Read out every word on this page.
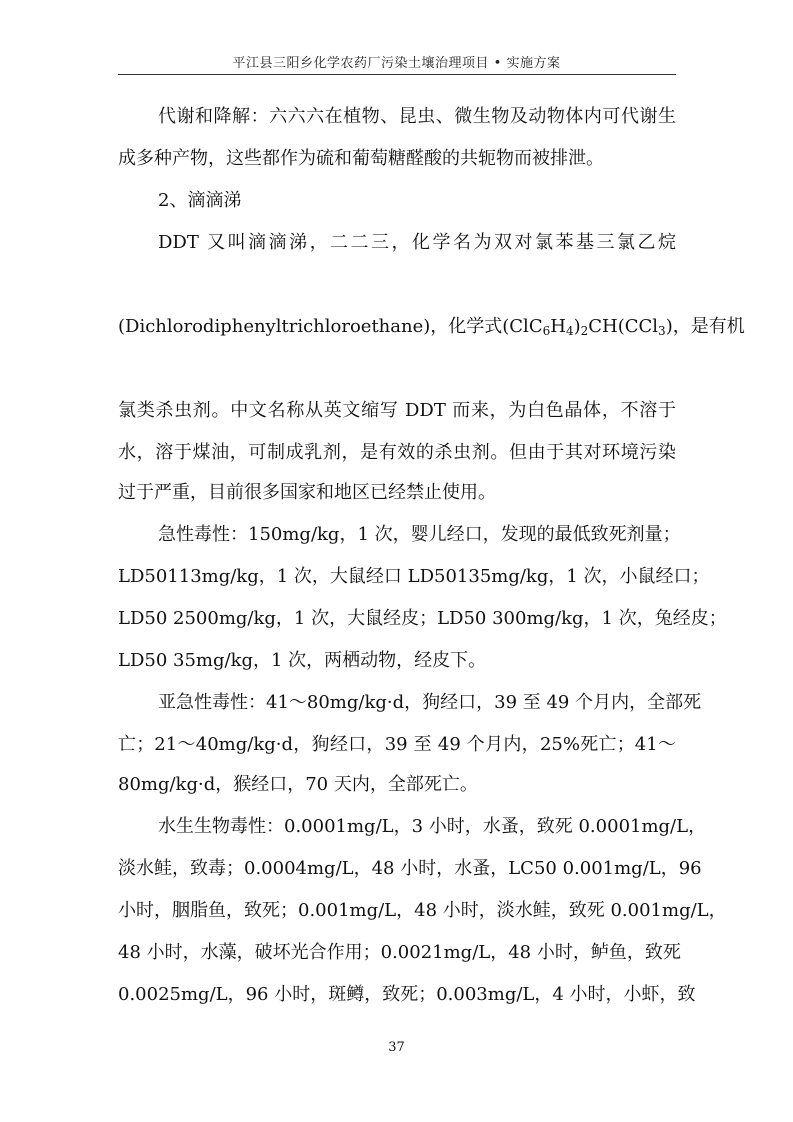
平江县三阳乡化学农药厂污染土壤治理项目 • 实施方案
代谢和降解：六六六在植物、昆虫、微生物及动物体内可代谢生
成多种产物，这些都作为硫和葡萄糖醛酸的共轭物而被排泄。
2、滴滴涕
DDT 又叫滴滴涕，二二三，化学名为双对氯苯基三氯乙烷
(Dichlorodiphenyltrichloroethane)，化学式$(ClC_6H_4)_2CH(CCl_3)$，是有机
氯类杀虫剂。中文名称从英文缩写 DDT 而来，为白色晶体，不溶于
水，溶于煤油，可制成乳剂，是有效的杀虫剂。但由于其对环境污染
过于严重，目前很多国家和地区已经禁止使用。
急性毒性：150mg/kg，1 次，婴儿经口，发现的最低致死剂量；
LD50113mg/kg，1 次，大鼠经口 LD50135mg/kg，1 次，小鼠经口；
LD50 2500mg/kg，1 次，大鼠经皮；LD50 300mg/kg，1 次，兔经皮；
LD50 35mg/kg，1 次，两栖动物，经皮下。
亚急性毒性：41～80mg/kg·d，狗经口，39 至 49 个月内，全部死
亡；21～40mg/kg·d，狗经口，39 至 49 个月内，25%死亡；41～
80mg/kg·d，猴经口，70 天内，全部死亡。
水生生物毒性：0.0001mg/L，3 小时，水蚤，致死 0.0001mg/L，
淡水鲑，致毒；0.0004mg/L，48 小时，水蚤，LC50 0.001mg/L，96
小时，胭脂鱼，致死；0.001mg/L，48 小时，淡水鲑，致死 0.001mg/L，
48 小时，水藻，破坏光合作用；0.0021mg/L，48 小时，鲈鱼，致死
0.0025mg/L，96 小时，斑鳟，致死；0.003mg/L，4 小时，小虾，致
37
